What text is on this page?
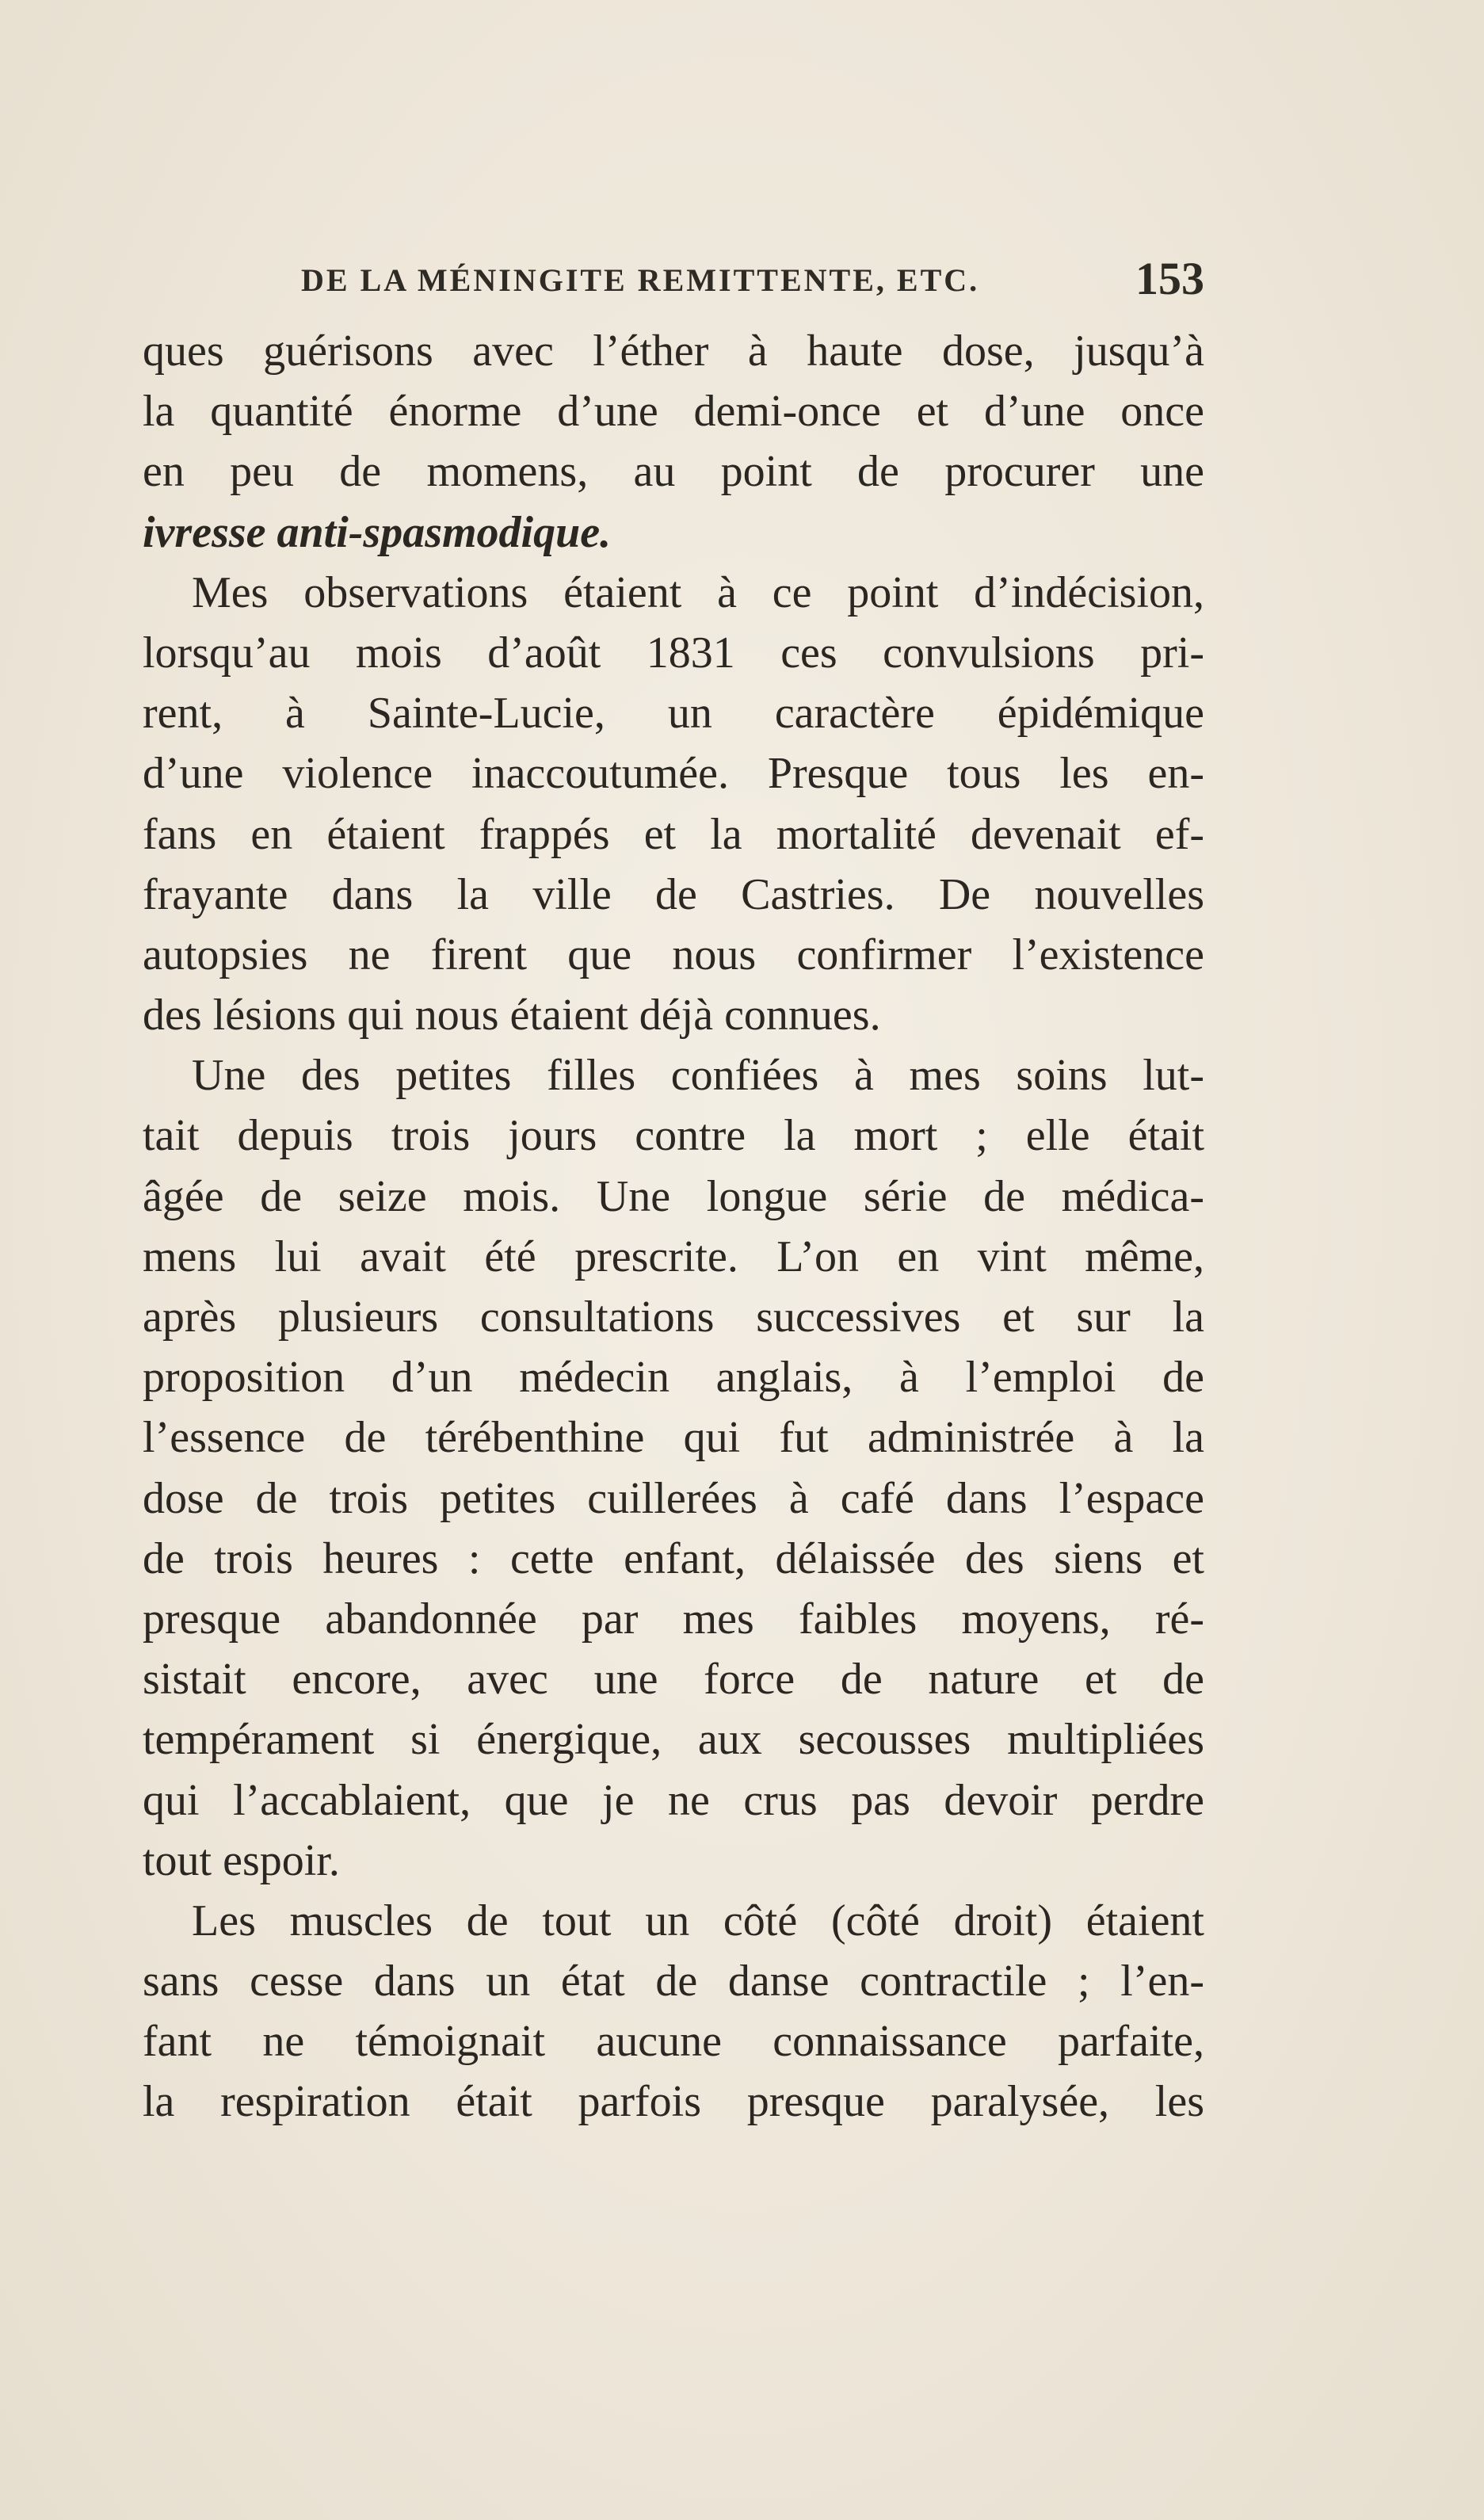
DE LA MÉNINGITE REMITTENTE, ETC.	153
ques guérisons avec l’éther à haute dose, jusqu’à
la quantité énorme d’une demi-once et d’une once
en peu de momens, au point de procurer une
ivresse anti-spasmodique.
Mes observations étaient à ce point d’indécision,
lorsqu’au mois d’août 1831 ces convulsions pri-
rent, à Sainte-Lucie, un caractère épidémique
d’une violence inaccoutumée. Presque tous les en-
fans en étaient frappés et la mortalité devenait ef-
frayante dans la ville de Castries. De nouvelles
autopsies ne firent que nous confirmer l’existence
des lésions qui nous étaient déjà connues.
Une des petites filles confiées à mes soins lut-
tait depuis trois jours contre la mort ; elle était
âgée de seize mois. Une longue série de médica-
mens lui avait été prescrite. L’on en vint même,
après plusieurs consultations successives et sur la
proposition d’un médecin anglais, à l’emploi de
l’essence de térébenthine qui fut administrée à la
dose de trois petites cuillerées à café dans l’espace
de trois heures : cette enfant, délaissée des siens et
presque abandonnée par mes faibles moyens, ré-
sistait encore, avec une force de nature et de
tempérament si énergique, aux secousses multipliées
qui l’accablaient, que je ne crus pas devoir perdre
tout espoir.
Les muscles de tout un côté (côté droit) étaient
sans cesse dans un état de danse contractile ; l’en-
fant ne témoignait aucune connaissance parfaite,
la respiration était parfois presque paralysée, les
